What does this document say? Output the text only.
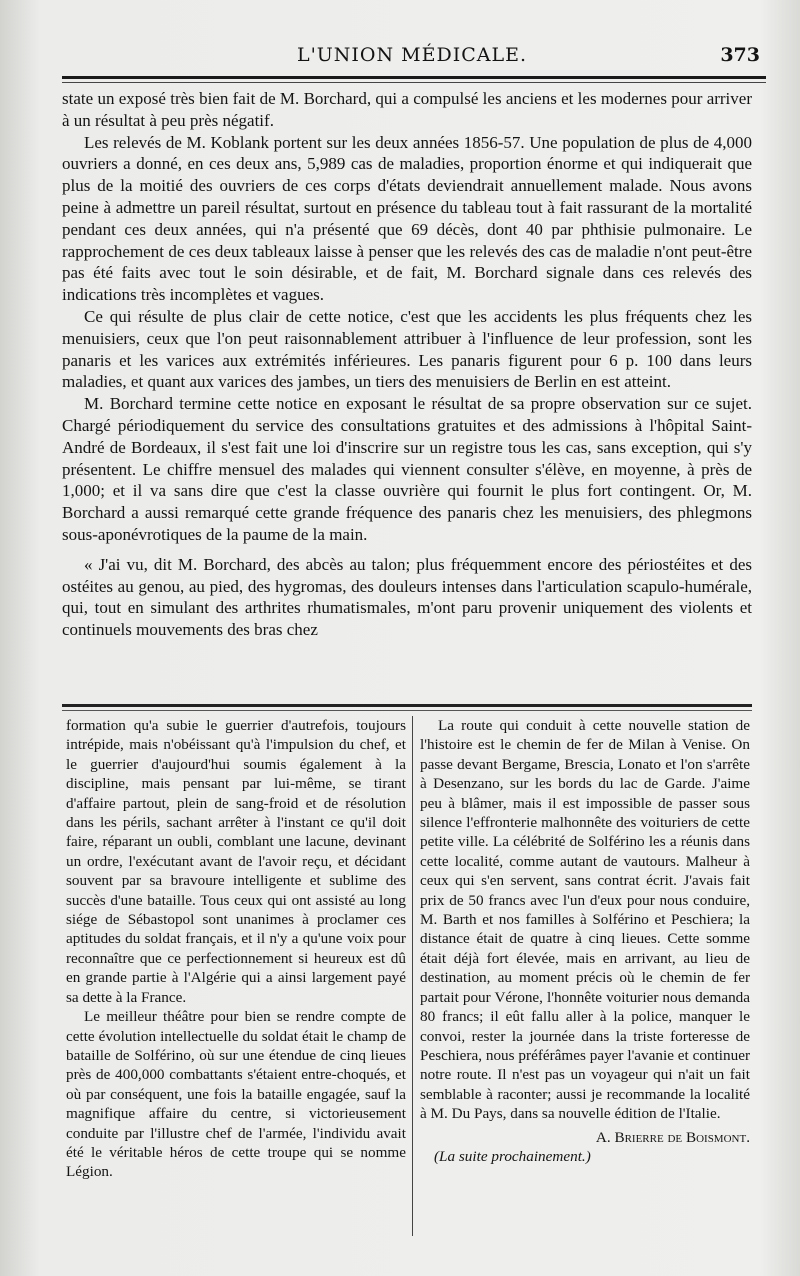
L'UNION MÉDICALE.	373

state un exposé très bien fait de M. Borchard, qui a compulsé les anciens et les modernes pour arriver à un résultat à peu près négatif.

Les relevés de M. Koblank portent sur les deux années 1856-57. Une population de plus de 4,000 ouvriers a donné, en ces deux ans, 5,989 cas de maladies, proportion énorme et qui indiquerait que plus de la moitié des ouvriers de ces corps d'états deviendrait annuellement malade. Nous avons peine à admettre un pareil résultat, surtout en présence du tableau tout à fait rassurant de la mortalité pendant ces deux années, qui n'a présenté que 69 décès, dont 40 par phthisie pulmonaire. Le rapprochement de ces deux tableaux laisse à penser que les relevés des cas de maladie n'ont peut-être pas été faits avec tout le soin désirable, et de fait, M. Borchard signale dans ces relevés des indications très incomplètes et vagues.

Ce qui résulte de plus clair de cette notice, c'est que les accidents les plus fréquents chez les menuisiers, ceux que l'on peut raisonnablement attribuer à l'influence de leur profession, sont les panaris et les varices aux extrémités inférieures. Les panaris figurent pour 6 p. 100 dans leurs maladies, et quant aux varices des jambes, un tiers des menuisiers de Berlin en est atteint.

M. Borchard termine cette notice en exposant le résultat de sa propre observation sur ce sujet. Chargé périodiquement du service des consultations gratuites et des admissions à l'hôpital Saint-André de Bordeaux, il s'est fait une loi d'inscrire sur un registre tous les cas, sans exception, qui s'y présentent. Le chiffre mensuel des malades qui viennent consulter s'élève, en moyenne, à près de 1,000; et il va sans dire que c'est la classe ouvrière qui fournit le plus fort contingent. Or, M. Borchard a aussi remarqué cette grande fréquence des panaris chez les menuisiers, des phlegmons sous-aponévrotiques de la paume de la main.

« J'ai vu, dit M. Borchard, des abcès au talon; plus fréquemment encore des périostéites et des ostéites au genou, au pied, des hygromas, des douleurs intenses dans l'articulation scapulo-humérale, qui, tout en simulant des arthrites rhumatismales, m'ont paru provenir uniquement des violents et continuels mouvements des bras chez

formation qu'a subie le guerrier d'autrefois, toujours intrépide, mais n'obéissant qu'à l'impulsion du chef, et le guerrier d'aujourd'hui soumis également à la discipline, mais pensant par lui-même, se tirant d'affaire partout, plein de sang-froid et de résolution dans les périls, sachant arrêter à l'instant ce qu'il doit faire, réparant un oubli, comblant une lacune, devinant un ordre, l'exécutant avant de l'avoir reçu, et décidant souvent par sa bravoure intelligente et sublime des succès d'une bataille. Tous ceux qui ont assisté au long siége de Sébastopol sont unanimes à proclamer ces aptitudes du soldat français, et il n'y a qu'une voix pour reconnaître que ce perfectionnement si heureux est dû en grande partie à l'Algérie qui a ainsi largement payé sa dette à la France.

Le meilleur théâtre pour bien se rendre compte de cette évolution intellectuelle du soldat était le champ de bataille de Solférino, où sur une étendue de cinq lieues près de 400,000 combattants s'étaient entre-choqués, et où par conséquent, une fois la bataille engagée, sauf la magnifique affaire du centre, si victorieusement conduite par l'illustre chef de l'armée, l'individu avait été le véritable héros de cette troupe qui se nomme Légion.

La route qui conduit à cette nouvelle station de l'histoire est le chemin de fer de Milan à Venise. On passe devant Bergame, Brescia, Lonato et l'on s'arrête à Desenzano, sur les bords du lac de Garde. J'aime peu à blâmer, mais il est impossible de passer sous silence l'effronterie malhonnête des voituriers de cette petite ville. La célébrité de Solférino les a réunis dans cette localité, comme autant de vautours. Malheur à ceux qui s'en servent, sans contrat écrit. J'avais fait prix de 50 francs avec l'un d'eux pour nous conduire, M. Barth et nos familles à Solférino et Peschiera; la distance était de quatre à cinq lieues. Cette somme était déjà fort élevée, mais en arrivant, au lieu de destination, au moment précis où le chemin de fer partait pour Vérone, l'honnête voiturier nous demanda 80 francs; il eût fallu aller à la police, manquer le convoi, rester la journée dans la triste forteresse de Peschiera, nous préférâmes payer l'avanie et continuer notre route. Il n'est pas un voyageur qui n'ait un fait semblable à raconter; aussi je recommande la localité à M. Du Pays, dans sa nouvelle édition de l'Italie.

A. Brierre de Boismont.
(La suite prochainement.)
